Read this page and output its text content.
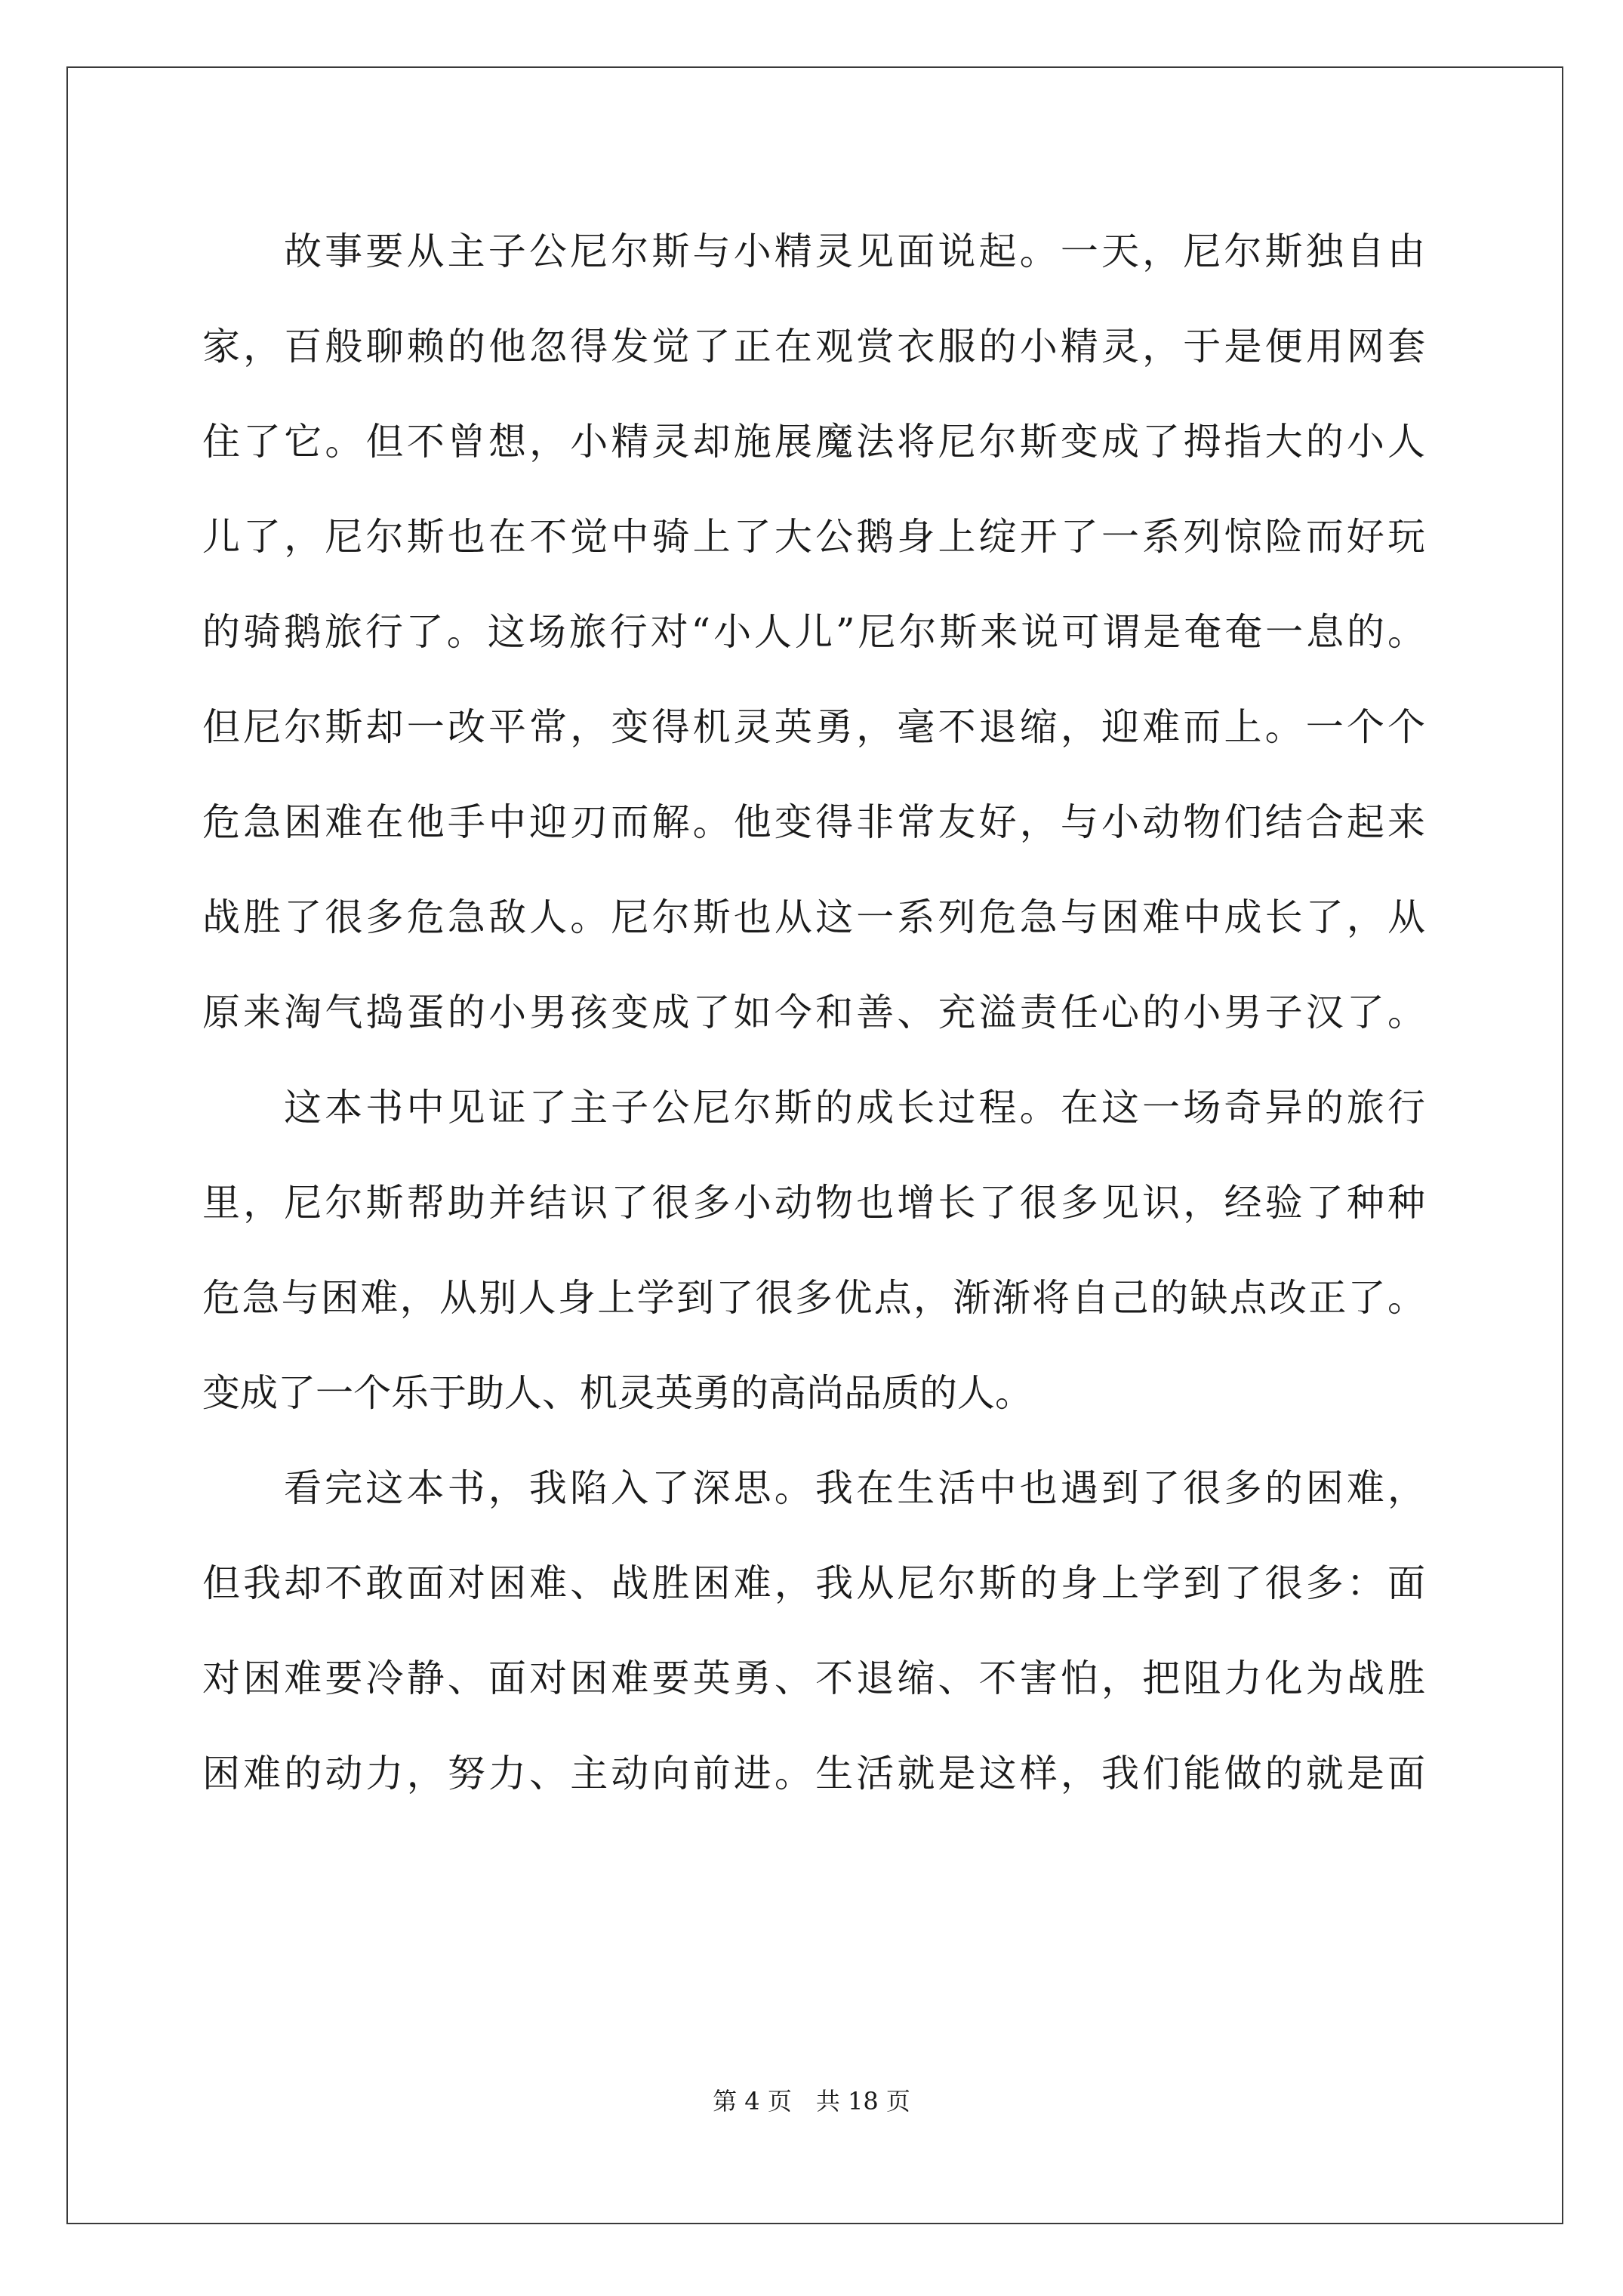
故事要从主子公尼尔斯与小精灵见面说起。一天，尼尔斯独自由
家，百般聊赖的他忽得发觉了正在观赏衣服的小精灵，于是便用网套
住了它。但不曾想，小精灵却施展魔法将尼尔斯变成了拇指大的小人
儿了，尼尔斯也在不觉中骑上了大公鹅身上绽开了一系列惊险而好玩
的骑鹅旅行了。这场旅行对“小人儿”尼尔斯来说可谓是奄奄一息的。
但尼尔斯却一改平常，变得机灵英勇，毫不退缩，迎难而上。一个个
危急困难在他手中迎刃而解。他变得非常友好，与小动物们结合起来
战胜了很多危急敌人。尼尔斯也从这一系列危急与困难中成长了，从
原来淘气捣蛋的小男孩变成了如今和善、充溢责任心的小男子汉了。
这本书中见证了主子公尼尔斯的成长过程。在这一场奇异的旅行
里，尼尔斯帮助并结识了很多小动物也增长了很多见识，经验了种种
危急与困难，从别人身上学到了很多优点，渐渐将自己的缺点改正了。
变成了一个乐于助人、机灵英勇的高尚品质的人。
看完这本书，我陷入了深思。我在生活中也遇到了很多的困难，
但我却不敢面对困难、战胜困难，我从尼尔斯的身上学到了很多：面
对困难要冷静、面对困难要英勇、不退缩、不害怕，把阻力化为战胜
困难的动力，努力、主动向前进。生活就是这样，我们能做的就是面
第 4 页　共 18 页
